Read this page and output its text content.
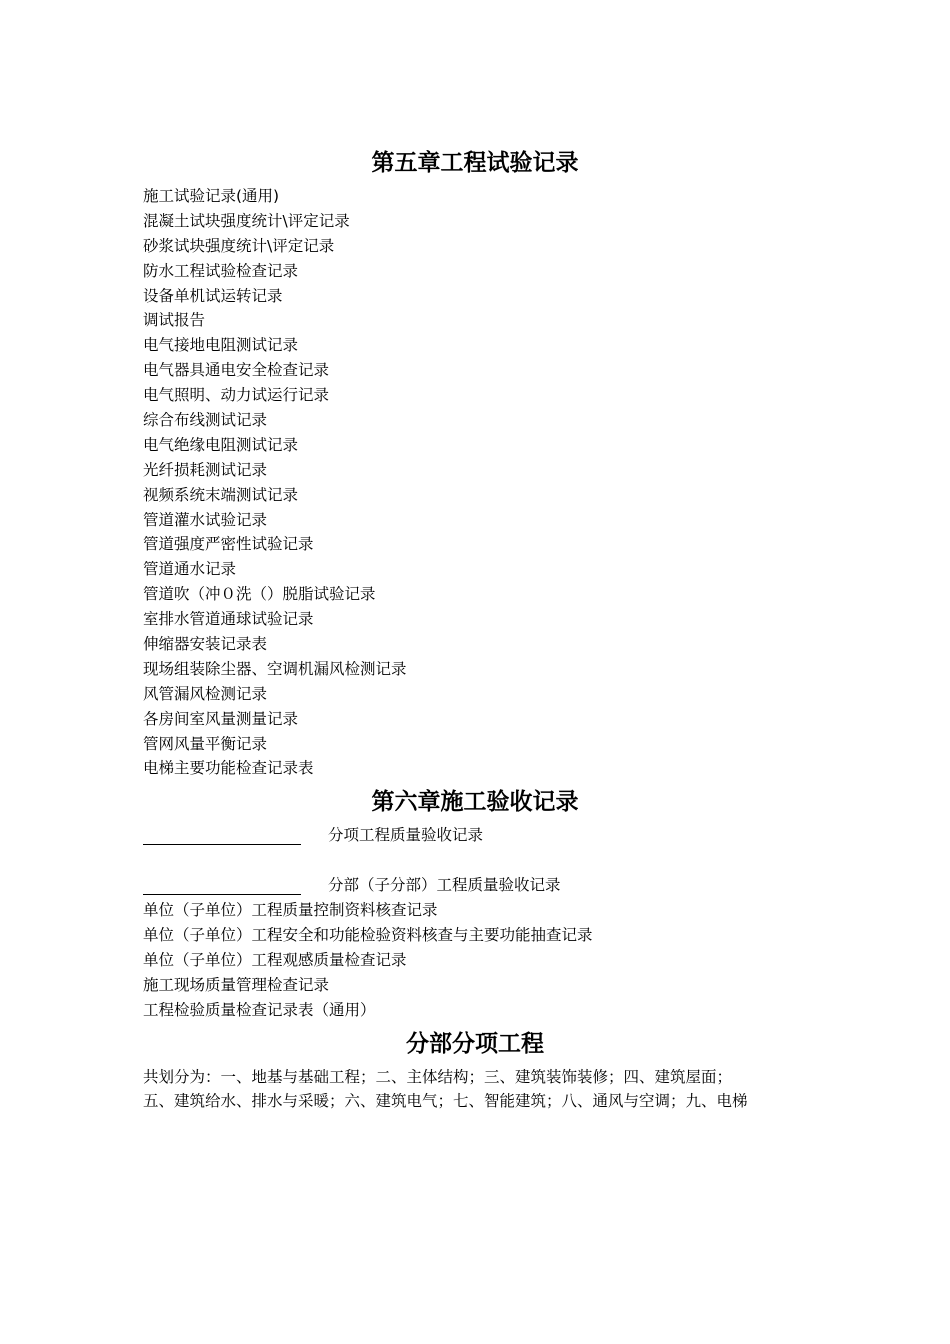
第五章工程试验记录
施工试验记录(通用)
混凝土试块强度统计\评定记录
砂浆试块强度统计\评定记录
防水工程试验检查记录
设备单机试运转记录
调试报告
电气接地电阻测试记录
电气器具通电安全检查记录
电气照明、动力试运行记录
综合布线测试记录
电气绝缘电阻测试记录
光纤损耗测试记录
视频系统末端测试记录
管道灌水试验记录
管道强度严密性试验记录
管道通水记录
管道吹（冲０洗（）脱脂试验记录
室排水管道通球试验记录
伸缩器安装记录表
现场组装除尘器、空调机漏风检测记录
风管漏风检测记录
各房间室风量测量记录
管网风量平衡记录
电梯主要功能检查记录表
第六章施工验收记录
分项工程质量验收记录
分部（子分部）工程质量验收记录
单位（子单位）工程质量控制资料核查记录
单位（子单位）工程安全和功能检验资料核查与主要功能抽查记录
单位（子单位）工程观感质量检查记录
施工现场质量管理检查记录
工程检验质量检查记录表（通用）
分部分项工程
共划分为：一、地基与基础工程；二、主体结构；三、建筑装饰装修；四、建筑屋面；
五、建筑给水、排水与采暖；六、建筑电气；七、智能建筑；八、通风与空调；九、电梯
